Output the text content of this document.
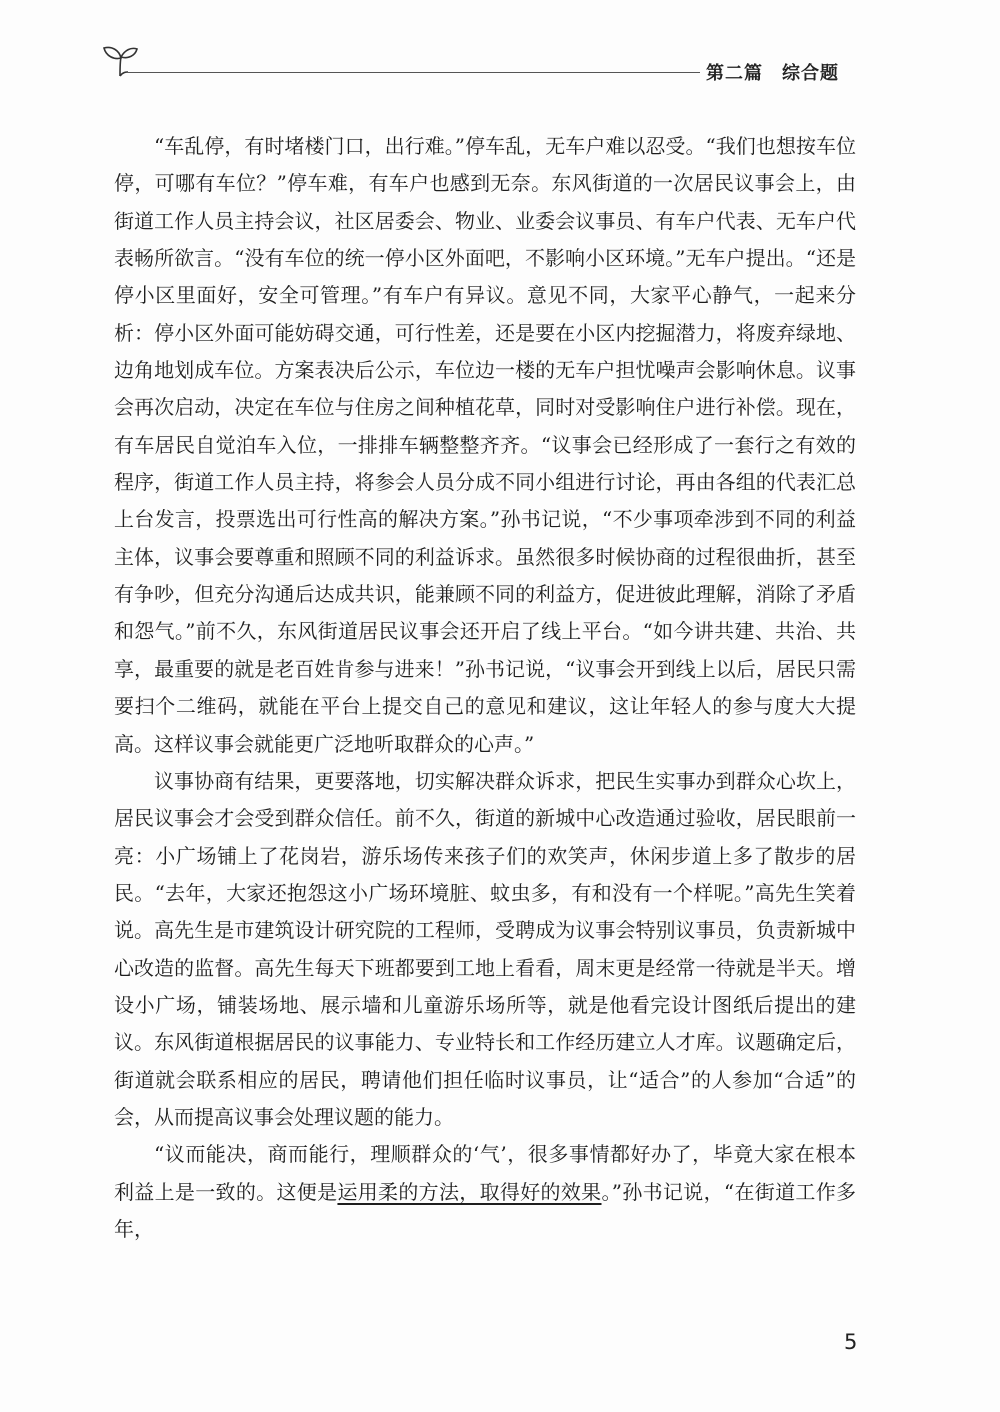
第二篇　综合题

“车乱停，有时堵楼门口，出行难。”停车乱，无车户难以忍受。“我们也想按车位停，可哪有车位？”停车难，有车户也感到无奈。东风街道的一次居民议事会上，由街道工作人员主持会议，社区居委会、物业、业委会议事员、有车户代表、无车户代表畅所欲言。“没有车位的统一停小区外面吧，不影响小区环境。”无车户提出。“还是停小区里面好，安全可管理。”有车户有异议。意见不同，大家平心静气，一起来分析：停小区外面可能妨碍交通，可行性差，还是要在小区内挖掘潜力，将废弃绿地、边角地划成车位。方案表决后公示，车位边一楼的无车户担忧噪声会影响休息。议事会再次启动，决定在车位与住房之间种植花草，同时对受影响住户进行补偿。现在，有车居民自觉泊车入位，一排排车辆整整齐齐。“议事会已经形成了一套行之有效的程序，街道工作人员主持，将参会人员分成不同小组进行讨论，再由各组的代表汇总上台发言，投票选出可行性高的解决方案。”孙书记说，“不少事项牵涉到不同的利益主体，议事会要尊重和照顾不同的利益诉求。虽然很多时候协商的过程很曲折，甚至有争吵，但充分沟通后达成共识，能兼顾不同的利益方，促进彼此理解，消除了矛盾和怨气。”前不久，东风街道居民议事会还开启了线上平台。“如今讲共建、共治、共享，最重要的就是老百姓肯参与进来！”孙书记说，“议事会开到线上以后，居民只需要扫个二维码，就能在平台上提交自己的意见和建议，这让年轻人的参与度大大提高。这样议事会就能更广泛地听取群众的心声。”

议事协商有结果，更要落地，切实解决群众诉求，把民生实事办到群众心坎上，居民议事会才会受到群众信任。前不久，街道的新城中心改造通过验收，居民眼前一亮：小广场铺上了花岗岩，游乐场传来孩子们的欢笑声，休闲步道上多了散步的居民。“去年，大家还抱怨这小广场环境脏、蚊虫多，有和没有一个样呢。”高先生笑着说。高先生是市建筑设计研究院的工程师，受聘成为议事会特别议事员，负责新城中心改造的监督。高先生每天下班都要到工地上看看，周末更是经常一待就是半天。增设小广场，铺装场地、展示墙和儿童游乐场所等，就是他看完设计图纸后提出的建议。东风街道根据居民的议事能力、专业特长和工作经历建立人才库。议题确定后，街道就会联系相应的居民，聘请他们担任临时议事员，让“适合”的人参加“合适”的会，从而提高议事会处理议题的能力。

“议而能决，商而能行，理顺群众的‘气’，很多事情都好办了，毕竟大家在根本利益上是一致的。这便是运用柔的方法，取得好的效果。”孙书记说，“在街道工作多年，

5
